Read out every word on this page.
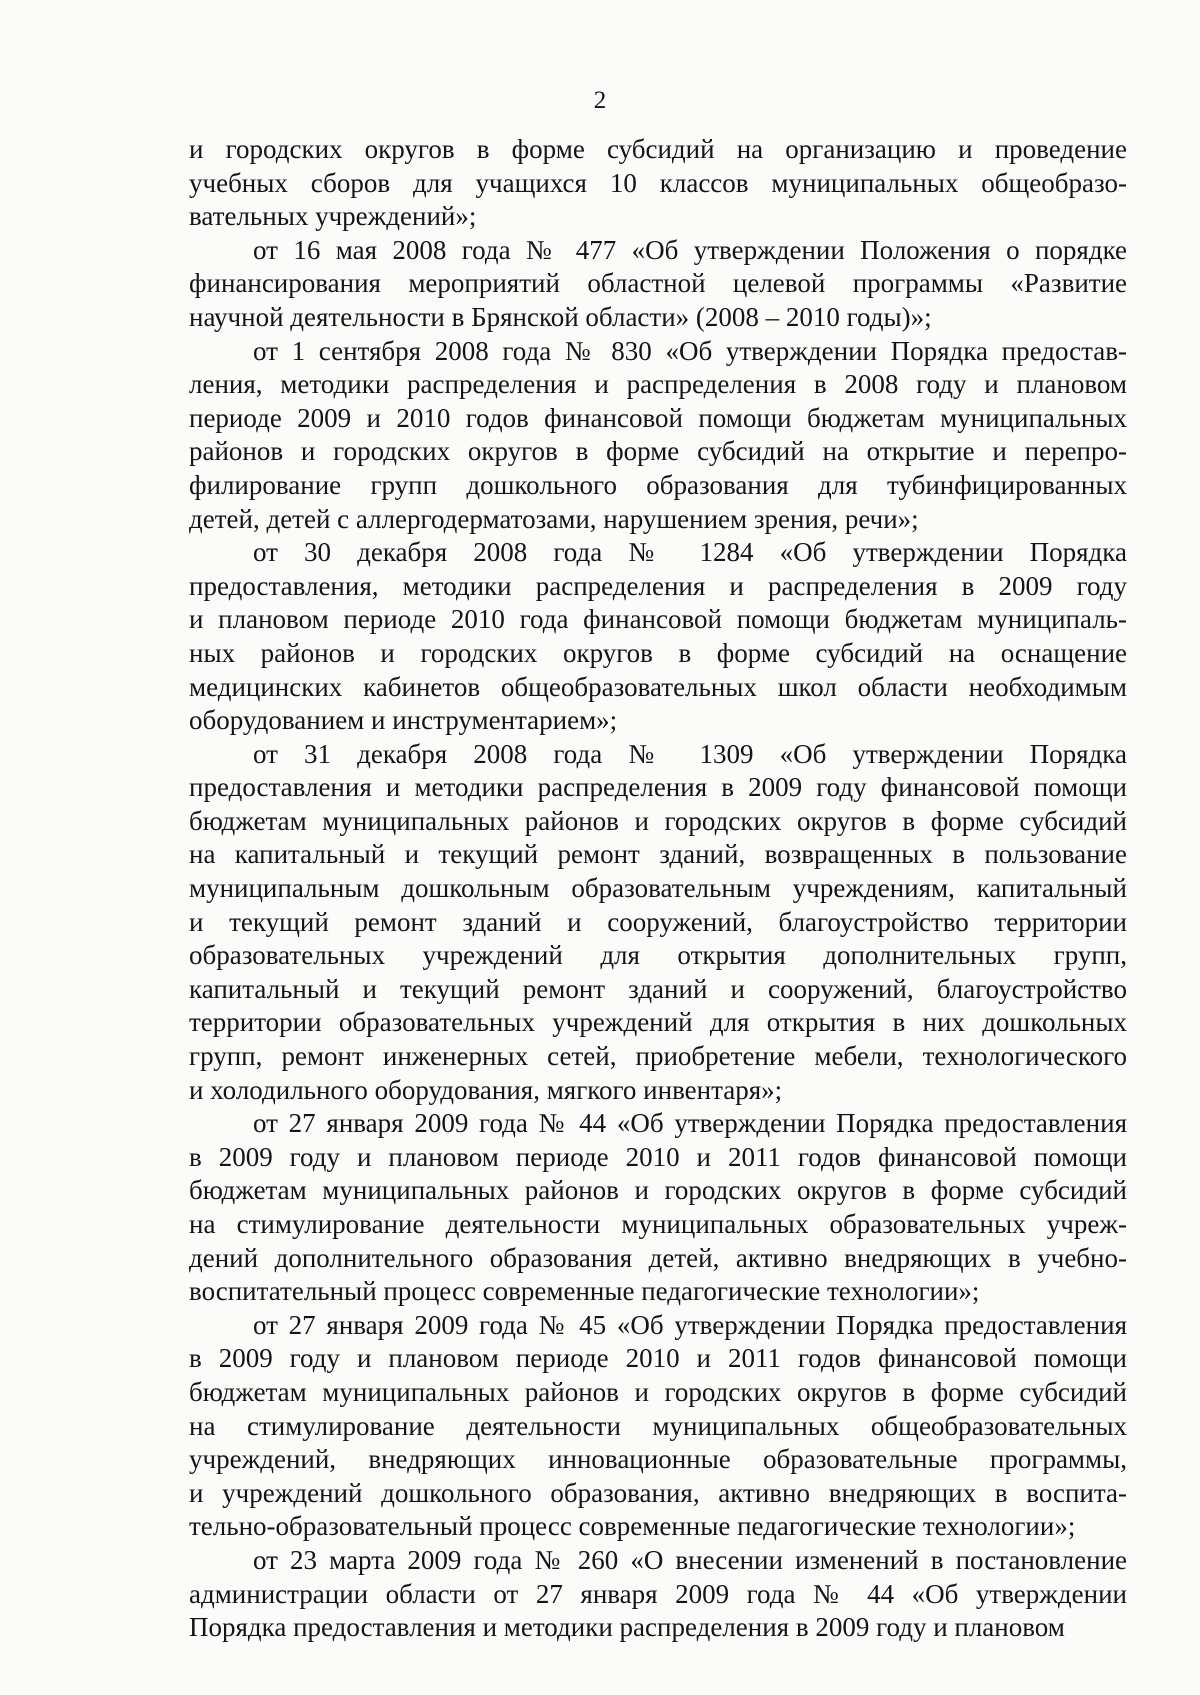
2
и городских округов в форме субсидий на организацию и проведение
учебных сборов для учащихся 10 классов муниципальных общеобразо-
вательных учреждений»;
от 16 мая 2008 года № 477 «Об утверждении Положения о порядке
финансирования мероприятий областной целевой программы «Развитие
научной деятельности в Брянской области» (2008 – 2010 годы)»;
от 1 сентября 2008 года № 830 «Об утверждении Порядка предостав-
ления, методики распределения и распределения в 2008 году и плановом
периоде 2009 и 2010 годов финансовой помощи бюджетам муниципальных
районов и городских округов в форме субсидий на открытие и перепро-
филирование групп дошкольного образования для тубинфицированных
детей, детей с аллергодерматозами, нарушением зрения, речи»;
от 30 декабря 2008 года № 1284 «Об утверждении Порядка
предоставления, методики распределения и распределения в 2009 году
и плановом периоде 2010 года финансовой помощи бюджетам муниципаль-
ных районов и городских округов в форме субсидий на оснащение
медицинских кабинетов общеобразовательных школ области необходимым
оборудованием и инструментарием»;
от 31 декабря 2008 года № 1309 «Об утверждении Порядка
предоставления и методики распределения в 2009 году финансовой помощи
бюджетам муниципальных районов и городских округов в форме субсидий
на капитальный и текущий ремонт зданий, возвращенных в пользование
муниципальным дошкольным образовательным учреждениям, капитальный
и текущий ремонт зданий и сооружений, благоустройство территории
образовательных учреждений для открытия дополнительных групп,
капитальный и текущий ремонт зданий и сооружений, благоустройство
территории образовательных учреждений для открытия в них дошкольных
групп, ремонт инженерных сетей, приобретение мебели, технологического
и холодильного оборудования, мягкого инвентаря»;
от 27 января 2009 года № 44 «Об утверждении Порядка предоставления
в 2009 году и плановом периоде 2010 и 2011 годов финансовой помощи
бюджетам муниципальных районов и городских округов в форме субсидий
на стимулирование деятельности муниципальных образовательных учреж-
дений дополнительного образования детей, активно внедряющих в учебно-
воспитательный процесс современные педагогические технологии»;
от 27 января 2009 года № 45 «Об утверждении Порядка предоставления
в 2009 году и плановом периоде 2010 и 2011 годов финансовой помощи
бюджетам муниципальных районов и городских округов в форме субсидий
на стимулирование деятельности муниципальных общеобразовательных
учреждений, внедряющих инновационные образовательные программы,
и учреждений дошкольного образования, активно внедряющих в воспита-
тельно-образовательный процесс современные педагогические технологии»;
от 23 марта 2009 года № 260 «О внесении изменений в постановление
администрации области от 27 января 2009 года № 44 «Об утверждении
Порядка предоставления и методики распределения в 2009 году и плановом
